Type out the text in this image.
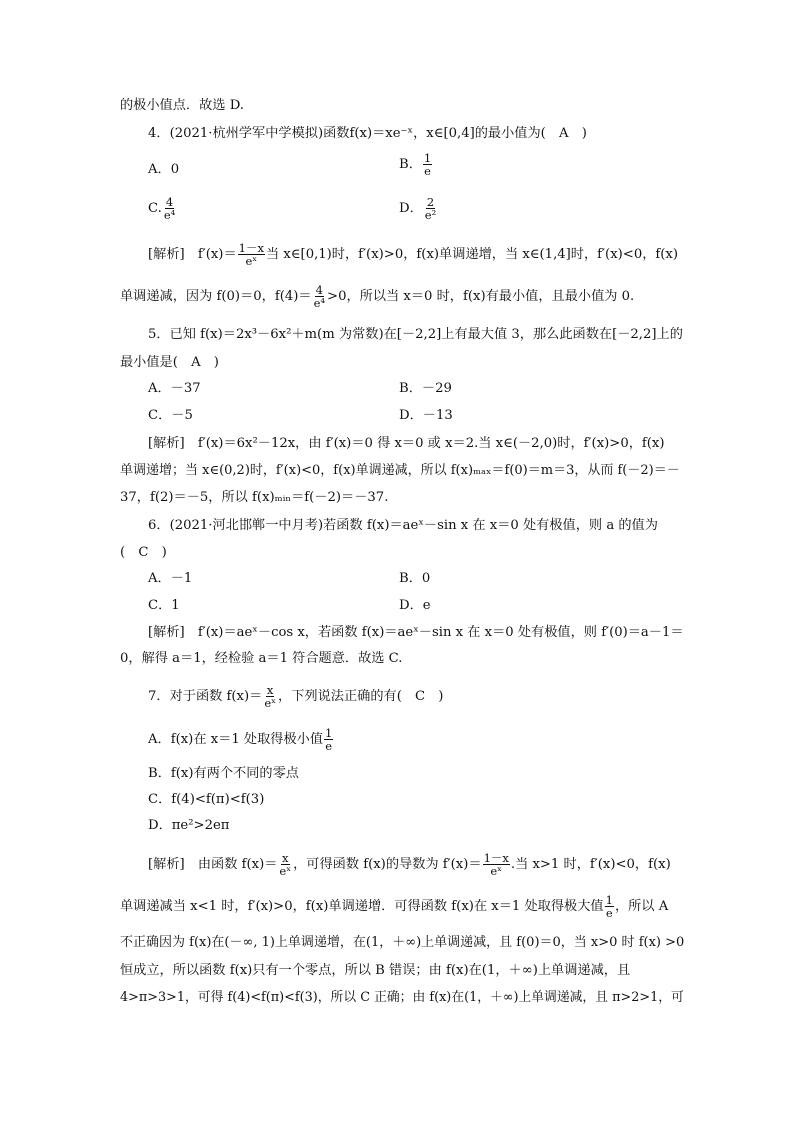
的极小值点．故选 D.
4．(2021·杭州学军中学模拟)函数f(x)＝xe⁻ˣ，x∈[0,4]的最小值为(　A　)
A．0	B． $\frac{1}{e}$
C. $\frac{4}{\text{e⁴}}$	D． $\frac{2}{\text{e²}}$
[解析]　$f'(x)= \frac{1-x}{\text{eˣ}}$ 当 x∈[0,1)时，f′(x)>0，f(x)单调递增，当 x∈(1,4]时，f′(x)<0，f(x)
单调递减，因为 f(0)＝0，$f(4)= \frac{4}{\text{e⁴}} >0$，所以当 x＝0 时，f(x)有最小值，且最小值为 0.
5．已知 f(x)＝2x³－6x²＋m(m 为常数)在[－2,2]上有最大值 3，那么此函数在[－2,2]上的
最小值是(　A　)
A．－37	B．－29
C．－5	D．－13
[解析]　f′(x)＝6x²－12x，由 f′(x)＝0 得 x＝0 或 x＝2.当 x∈(－2,0)时，f′(x)>0，f(x)
单调递增；当 x∈(0,2)时，f′(x)<0，f(x)单调递减，所以 f(x)ₘₐₓ＝f(0)＝m＝3，从而 f(－2)＝－
37，f(2)＝－5，所以 f(x)ₘᵢₙ＝f(－2)＝－37.
6．(2021·河北邯郸一中月考)若函数 f(x)＝aeˣ－sin x 在 x＝0 处有极值，则 a 的值为
(　C　)
A．－1	B．0
C．1	D．e
[解析]　f′(x)＝aeˣ－cos x，若函数 f(x)＝aeˣ－sin x 在 x＝0 处有极值，则 f′(0)＝a－1＝
0，解得 a＝1，经检验 a＝1 符合题意．故选 C.
7．对于函数 $f(x)= \frac{x}{\text{eˣ}}$ ，下列说法正确的有(　C　)
A．f(x)在 x＝1 处取得极小值 $\frac{1}{e}$
B．f(x)有两个不同的零点
C．f(4)<f(π)<f(3)
D．πe²>2eπ
[解析]　由函数 $f(x)= \frac{x}{\text{eˣ}}$ ，可得函数 f(x)的导数为 $f'(x)= \frac{1-x}{\text{eˣ}}$ .当 x>1 时，f′(x)<0，f(x)
单调递减当 x<1 时，f′(x)>0，f(x)单调递增．可得函数 f(x)在 x＝1 处取得极大值 $\frac{1}{e}$ ，所以 A
不正确因为 f(x)在(－∞, 1)上单调递增，在(1，＋∞)上单调递减，且 f(0)＝0，当 x>0 时 f(x) >0
恒成立，所以函数 f(x)只有一个零点，所以 B 错误；由 f(x)在(1，＋∞)上单调递减，且
4>π>3>1，可得 f(4)<f(π)<f(3)，所以 C 正确；由 f(x)在(1，＋∞)上单调递减，且 π>2>1，可
